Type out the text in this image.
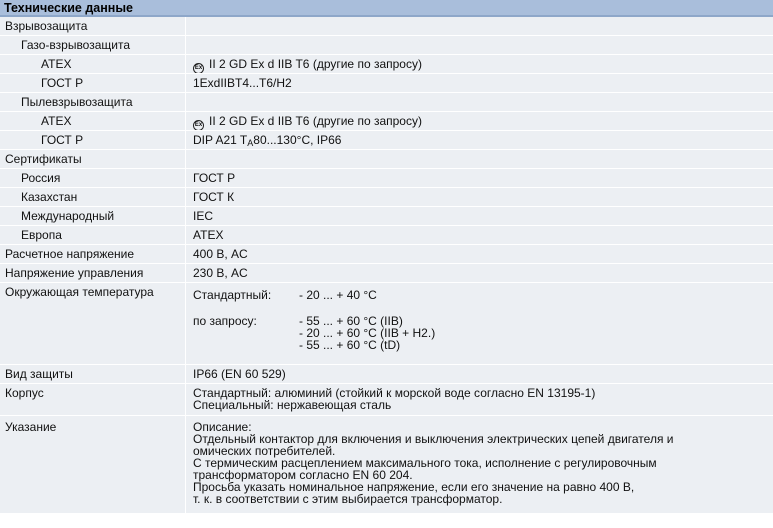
Технические данные
Взрывозащита
Газо-взрывозащита
ATEX	Ex II 2 GD Ex d IIB T6 (другие по запросу)
ГОСТ Р	1ExdIIBT4...T6/H2
Пылевзрывозащита
ATEX	Ex II 2 GD Ex d IIB T6 (другие по запросу)
ГОСТ Р	DIP A21 $T_A80...130^\circ C$, IP66
Сертификаты
Россия	ГОСТ Р
Казахстан	ГОСТ К
Международный	IEC
Европа	ATEX
Расчетное напряжение	400 В, AC
Напряжение управления	230 В, AC
Окружающая температура	Стандартный:	- 20 ... + 40 °C
по запросу:	- 55 ... + 60 °C (IIB)
- 20 ... + 60 °C (IIB + H2.)
- 55 ... + 60 °C (tD)
Вид защиты	IP66 (EN 60 529)
Корпус	Стандартный: алюминий (стойкий к морской воде согласно EN 13195-1)
Специальный: нержавеющая сталь
Указание	Описание:
Отдельный контактор для включения и выключения электрических цепей двигателя и
омических потребителей.
С термическим расцеплением максимального тока, исполнение с регулировочным
трансформатором согласно EN 60 204.
Просьба указать номинальное напряжение, если его значение на равно 400 В,
т. к. в соответствии с этим выбирается трансформатор.
